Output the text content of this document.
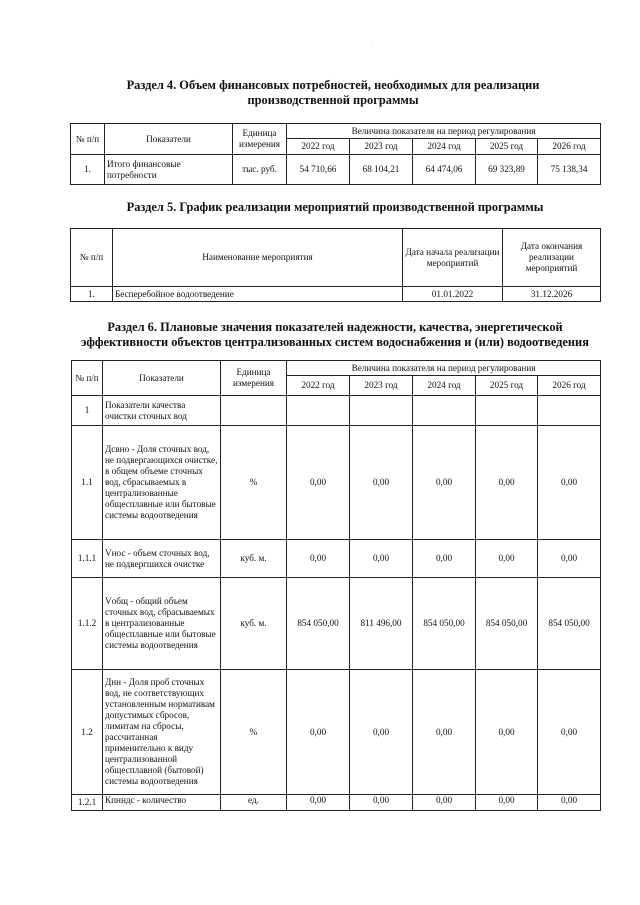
·
Раздел 4. Объем финансовых потребностей, необходимых для реализации производственной программы
№ п/п	Показатели	Единица измерения	Величина показателя на период регулирования				
			2022 год	2023 год	2024 год	2025 год	2026 год
1.	Итого финансовые потребности	тыс. руб.	54 710,66	68 104,21	64 474,06	69 323,89	75 138,34
Раздел 5. График реализации мероприятий производственной программы
№ п/п	Наименование мероприятия	Дата начала реализации мероприятий	Дата окончания реализации мероприятий
1.	Бесперебойное водоотведение	01.01.2022	31.12.2026
Раздел 6. Плановые значения показателей надежности, качества, энергетической эффективности объектов централизованных систем водоснабжения и (или) водоотведения
№ п/п	Показатели	Единица измерения	Величина показателя на период регулирования				
			2022 год	2023 год	2024 год	2025 год	2026 год
1	Показатели качества очистки сточных вод						
1.1	Дсвно - Доля сточных вод, не подвергающихся очистке, в общем объеме сточных вод, сбрасываемых в централизованные общесплавные или бытовые системы водоотведения	%	0,00	0,00	0,00	0,00	0,00
1.1.1	Vнос - объем сточных вод, не подвергшихся очистке	куб. м.	0,00	0,00	0,00	0,00	0,00
1.1.2	Vобщ - общий объем сточных вод, сбрасываемых в централизованные общесплавные или бытовые системы водоотведения	куб. м.	854 050,00	811 496,00	854 050,00	854 050,00	854 050,00
1.2	Днн - Доля проб сточных вод, не соответствующих установленным нормативам допустимых сбросов, лимитам на сбросы, рассчитанная применительно к виду централизованной общесплавной (бытовой) системы водоотведения	%	0,00	0,00	0,00	0,00	0,00
1.2.1	Кпнндс - количество	ед.	0,00	0,00	0,00	0,00	0,00
